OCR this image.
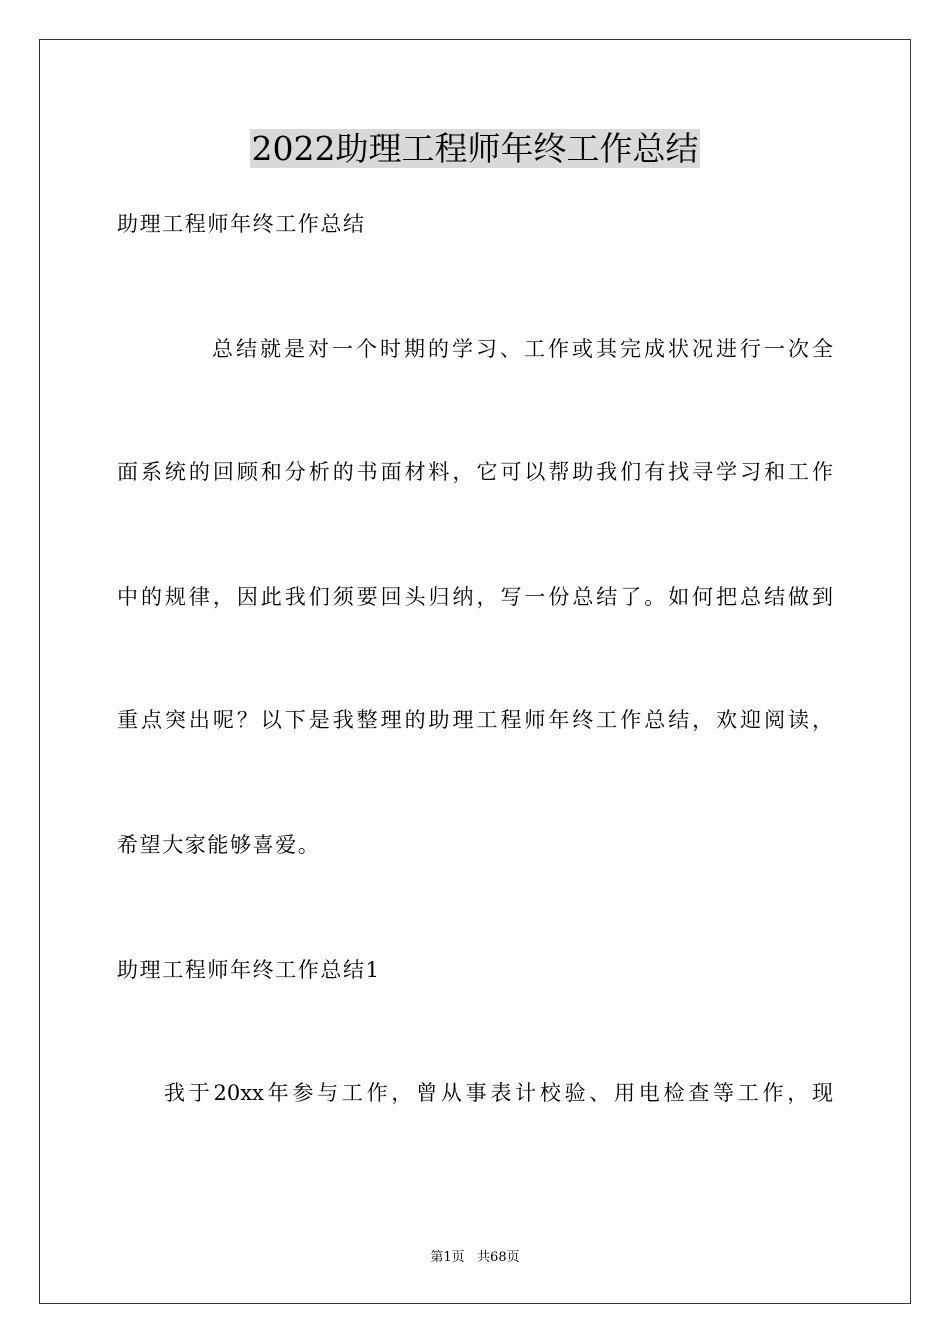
2022助理工程师年终工作总结
助理工程师年终工作总结
总结就是对一个时期的学习、工作或其完成状况进行一次全
面系统的回顾和分析的书面材料，它可以帮助我们有找寻学习和工作
中的规律，因此我们须要回头归纳，写一份总结了。如何把总结做到
重点突出呢？以下是我整理的助理工程师年终工作总结，欢迎阅读，
希望大家能够喜爱。
助理工程师年终工作总结1
我于20xx年参与工作，曾从事表计校验、用电检查等工作，现
第1页   共68页
